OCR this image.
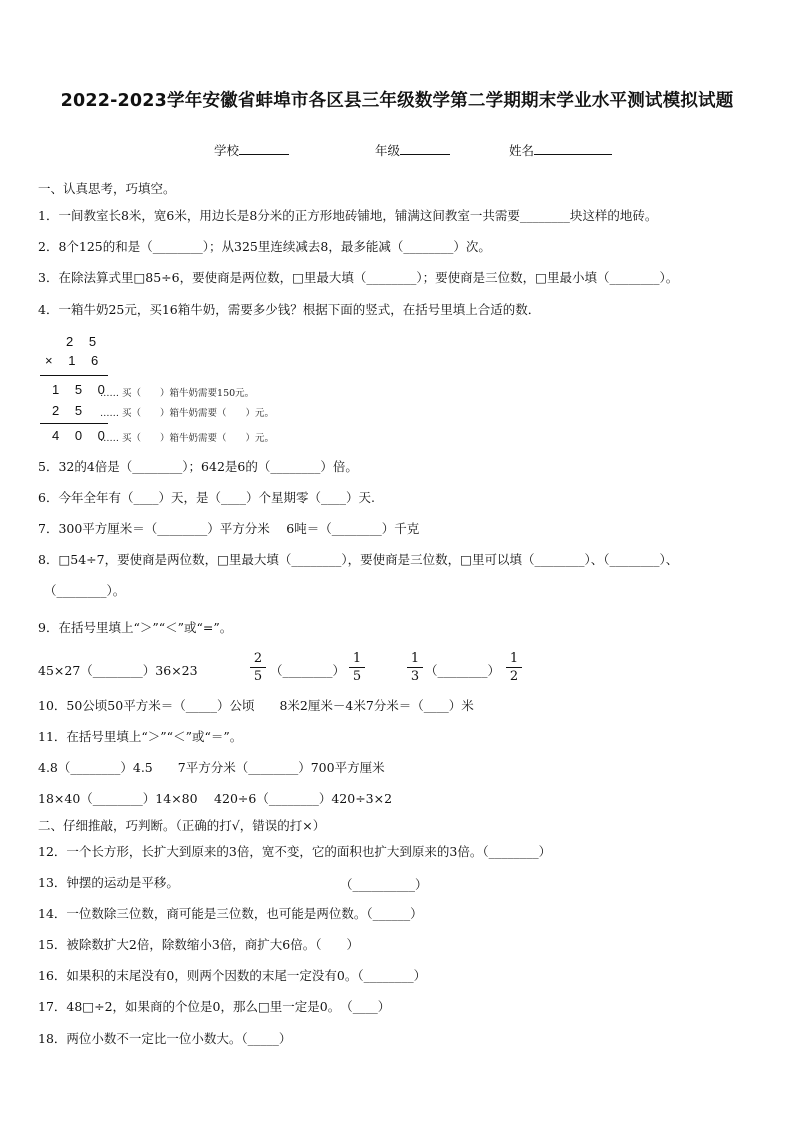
2022-2023学年安徽省蚌埠市各区县三年级数学第二学期期末学业水平测试模拟试题
学校	年级	姓名
一、认真思考，巧填空。
1．一间教室长8米，宽6米，用边长是8分米的正方形地砖铺地，铺满这间教室一共需要________块这样的地砖。
2．8个125的和是（________）；从325里连续减去8，最多能减（________）次。
3．在除法算式里□85÷6，要使商是两位数，□里最大填（________）；要使商是三位数，□里最小填（________）。
4．一箱牛奶25元，买16箱牛奶，需要多少钱？根据下面的竖式，在括号里填上合适的数．
2 5
× 1 6
1 5 0
2 5
4 0 0
…… 买（　　）箱牛奶需要150元。
…… 买（　　）箱牛奶需要（　　）元。
…… 买（　　）箱牛奶需要（　　）元。
5．32的4倍是（________）；642是6的（________）倍。
6．今年全年有（____）天，是（____）个星期零（____）天.
7．300平方厘米＝（________）平方分米　 6吨＝（________）千克
8．□54÷7，要使商是两位数，□里最大填（________），要使商是三位数，□里可以填（________）、（________）、
（________）。
9．在括号里填上“＞”“＜”或“=”。
45×27（________）36×23
2
5 （________）
1
5
1
3 （________）
1
2
10．50公顷50平方米＝（_____）公顷　　8米2厘米－4米7分米＝（____）米
11．在括号里填上“＞”“＜”或“＝”。
4.8（________）4.5　　7平方分米（________）700平方厘米
18×40（________）14×80　 420÷6（________）420÷3×2
二、仔细推敲，巧判断。（正确的打√，错误的打×）
12．一个长方形，长扩大到原来的3倍，宽不变，它的面积也扩大到原来的3倍。（________）
13．钟摆的运动是平移。	（__________）
14．一位数除三位数，商可能是三位数，也可能是两位数。（______）
15．被除数扩大2倍，除数缩小3倍，商扩大6倍。（　　）
16．如果积的末尾没有0，则两个因数的末尾一定没有0。（________）
17．48□÷2，如果商的个位是0，那么□里一定是0。　（____）
18．两位小数不一定比一位小数大。（_____）
